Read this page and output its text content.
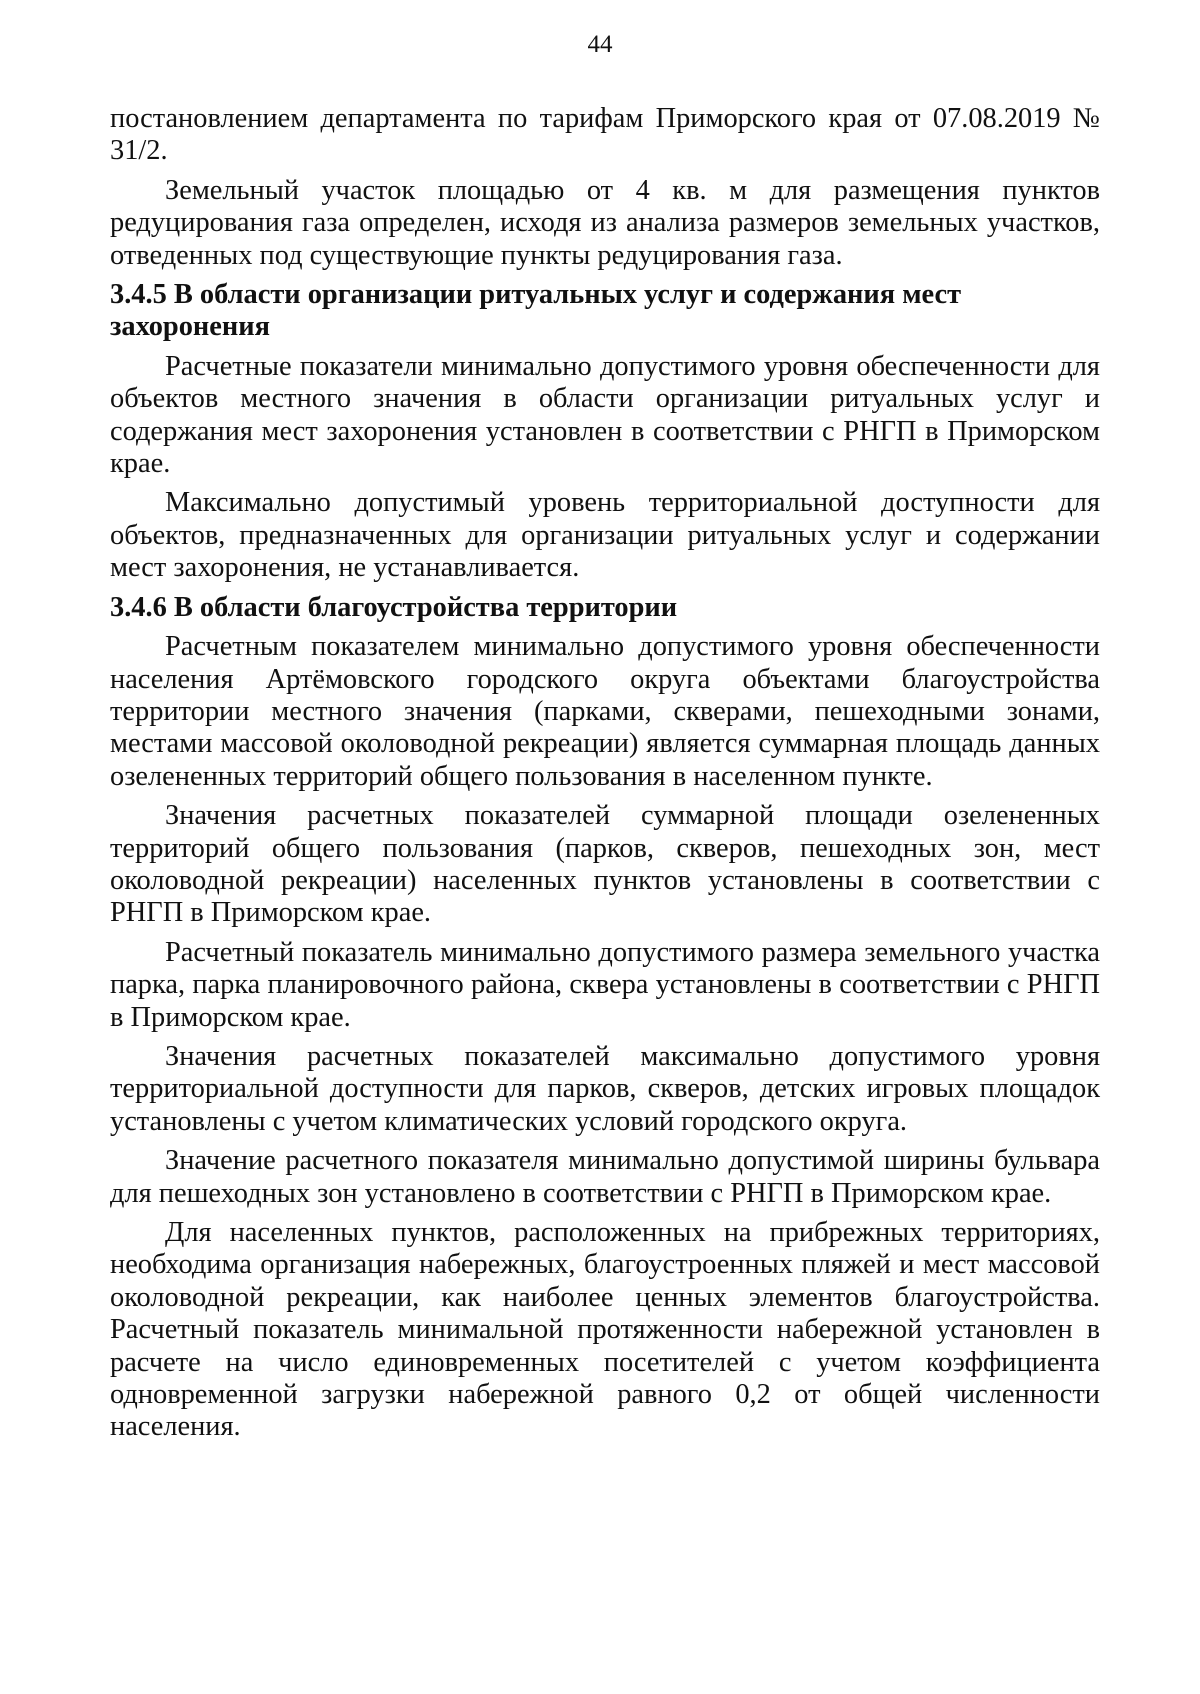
44

постановлением департамента по тарифам Приморского края от 07.08.2019 № 31/2.

Земельный участок площадью от 4 кв. м для размещения пунктов редуцирования газа определен, исходя из анализа размеров земельных участков, отведенных под существующие пункты редуцирования газа.

3.4.5 В области организации ритуальных услуг и содержания мест захоронения

Расчетные показатели минимально допустимого уровня обеспеченности для объектов местного значения в области организации ритуальных услуг и содержания мест захоронения установлен в соответствии с РНГП в Приморском крае.

Максимально допустимый уровень территориальной доступности для объектов, предназначенных для организации ритуальных услуг и содержании мест захоронения, не устанавливается.

3.4.6 В области благоустройства территории

Расчетным показателем минимально допустимого уровня обеспеченности населения Артёмовского городского округа объектами благоустройства территории местного значения (парками, скверами, пешеходными зонами, местами массовой околоводной рекреации) является суммарная площадь данных озелененных территорий общего пользования в населенном пункте.

Значения расчетных показателей суммарной площади озелененных территорий общего пользования (парков, скверов, пешеходных зон, мест околоводной рекреации) населенных пунктов установлены в соответствии с РНГП в Приморском крае.

Расчетный показатель минимально допустимого размера земельного участка парка, парка планировочного района, сквера установлены в соответствии с РНГП в Приморском крае.

Значения расчетных показателей максимально допустимого уровня территориальной доступности для парков, скверов, детских игровых площадок установлены с учетом климатических условий городского округа.

Значение расчетного показателя минимально допустимой ширины бульвара для пешеходных зон установлено в соответствии с РНГП в Приморском крае.

Для населенных пунктов, расположенных на прибрежных территориях, необходима организация набережных, благоустроенных пляжей и мест массовой околоводной рекреации, как наиболее ценных элементов благоустройства. Расчетный показатель минимальной протяженности набережной установлен в расчете на число единовременных посетителей с учетом коэффициента одновременной загрузки набережной равного 0,2 от общей численности населения.
